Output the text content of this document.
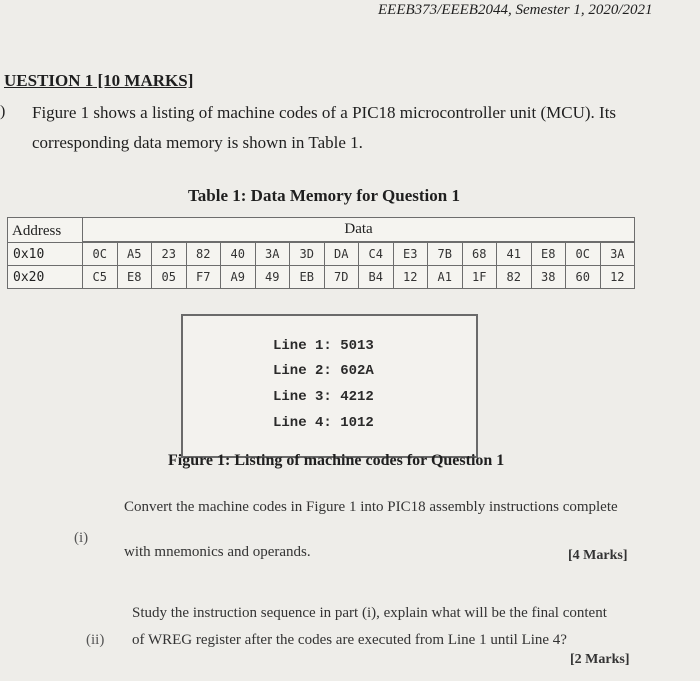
EEEB373/EEEB2044, Semester 1, 2020/2021
UESTION 1 [10 MARKS]
) Figure 1 shows a listing of machine codes of a PIC18 microcontroller unit (MCU). Its
corresponding data memory is shown in Table 1.
Table 1: Data Memory for Question 1
Address	Data															

0x10	0C	A5	23	82	40	3A	3D	DA	C4	E3	7B	68	41	E8	0C	3A
0x20	C5	E8	05	F7	A9	49	EB	7D	B4	12	A1	1F	82	38	60	12
Line 1: 5013
Line 2: 602A
Line 3: 4212
Line 4: 1012
Figure 1: Listing of machine codes for Question 1
(i)
Convert the machine codes in Figure 1 into PIC18 assembly instructions complete
with mnemonics and operands.	[4 Marks]
(ii)
Study the instruction sequence in part (i), explain what will be the final content
of WREG register after the codes are executed from Line 1 until Line 4?
[2 Marks]
